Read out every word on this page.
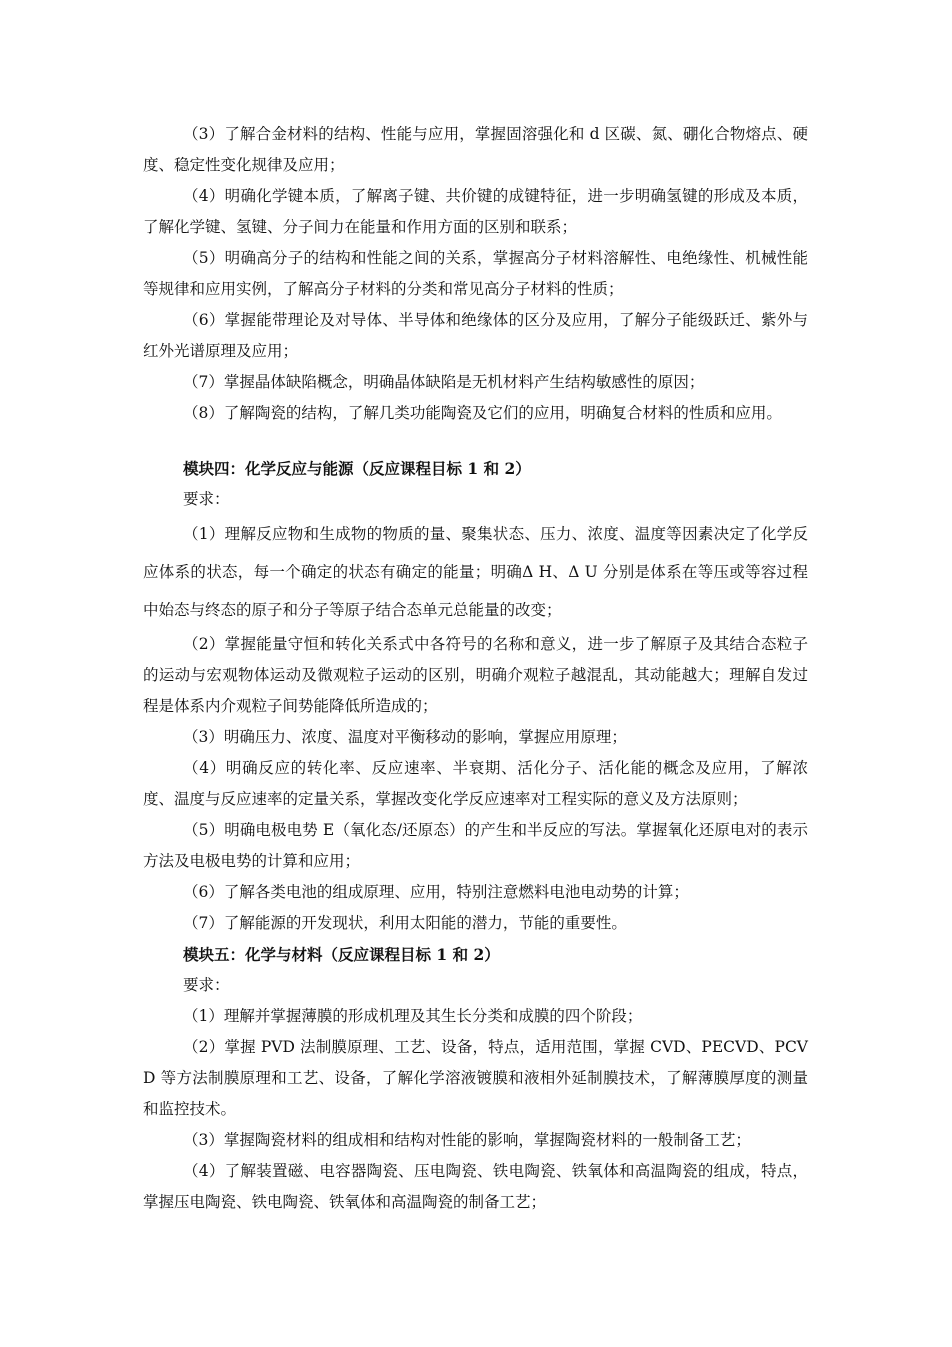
（3）了解合金材料的结构、性能与应用，掌握固溶强化和 d 区碳、氮、硼化合物熔点、硬度、稳定性变化规律及应用；

（4）明确化学键本质，了解离子键、共价键的成键特征，进一步明确氢键的形成及本质，了解化学键、氢键、分子间力在能量和作用方面的区别和联系；

（5）明确高分子的结构和性能之间的关系，掌握高分子材料溶解性、电绝缘性、机械性能等规律和应用实例，了解高分子材料的分类和常见高分子材料的性质；

（6）掌握能带理论及对导体、半导体和绝缘体的区分及应用，了解分子能级跃迁、紫外与红外光谱原理及应用；

（7）掌握晶体缺陷概念，明确晶体缺陷是无机材料产生结构敏感性的原因；

（8）了解陶瓷的结构，了解几类功能陶瓷及它们的应用，明确复合材料的性质和应用。

模块四：化学反应与能源（反应课程目标 1 和 2）

要求：

（1）理解反应物和生成物的物质的量、聚集状态、压力、浓度、温度等因素决定了化学反应体系的状态，每一个确定的状态有确定的能量；明确Δ H、Δ U 分别是体系在等压或等容过程中始态与终态的原子和分子等原子结合态单元总能量的改变；

（2）掌握能量守恒和转化关系式中各符号的名称和意义，进一步了解原子及其结合态粒子的运动与宏观物体运动及微观粒子运动的区别，明确介观粒子越混乱，其动能越大；理解自发过程是体系内介观粒子间势能降低所造成的；

（3）明确压力、浓度、温度对平衡移动的影响，掌握应用原理；

（4）明确反应的转化率、反应速率、半衰期、活化分子、活化能的概念及应用，了解浓度、温度与反应速率的定量关系，掌握改变化学反应速率对工程实际的意义及方法原则；

（5）明确电极电势 E（氧化态/还原态）的产生和半反应的写法。掌握氧化还原电对的表示方法及电极电势的计算和应用；

（6）了解各类电池的组成原理、应用，特别注意燃料电池电动势的计算；

（7）了解能源的开发现状，利用太阳能的潜力，节能的重要性。

模块五：化学与材料（反应课程目标 1 和 2）

要求：

（1）理解并掌握薄膜的形成机理及其生长分类和成膜的四个阶段；

（2）掌握 PVD 法制膜原理、工艺、设备，特点，适用范围，掌握 CVD、PECVD、PCVD 等方法制膜原理和工艺、设备，了解化学溶液镀膜和液相外延制膜技术，了解薄膜厚度的测量和监控技术。

（3）掌握陶瓷材料的组成相和结构对性能的影响，掌握陶瓷材料的一般制备工艺；

（4）了解装置磁、电容器陶瓷、压电陶瓷、铁电陶瓷、铁氧体和高温陶瓷的组成，特点，掌握压电陶瓷、铁电陶瓷、铁氧体和高温陶瓷的制备工艺；
